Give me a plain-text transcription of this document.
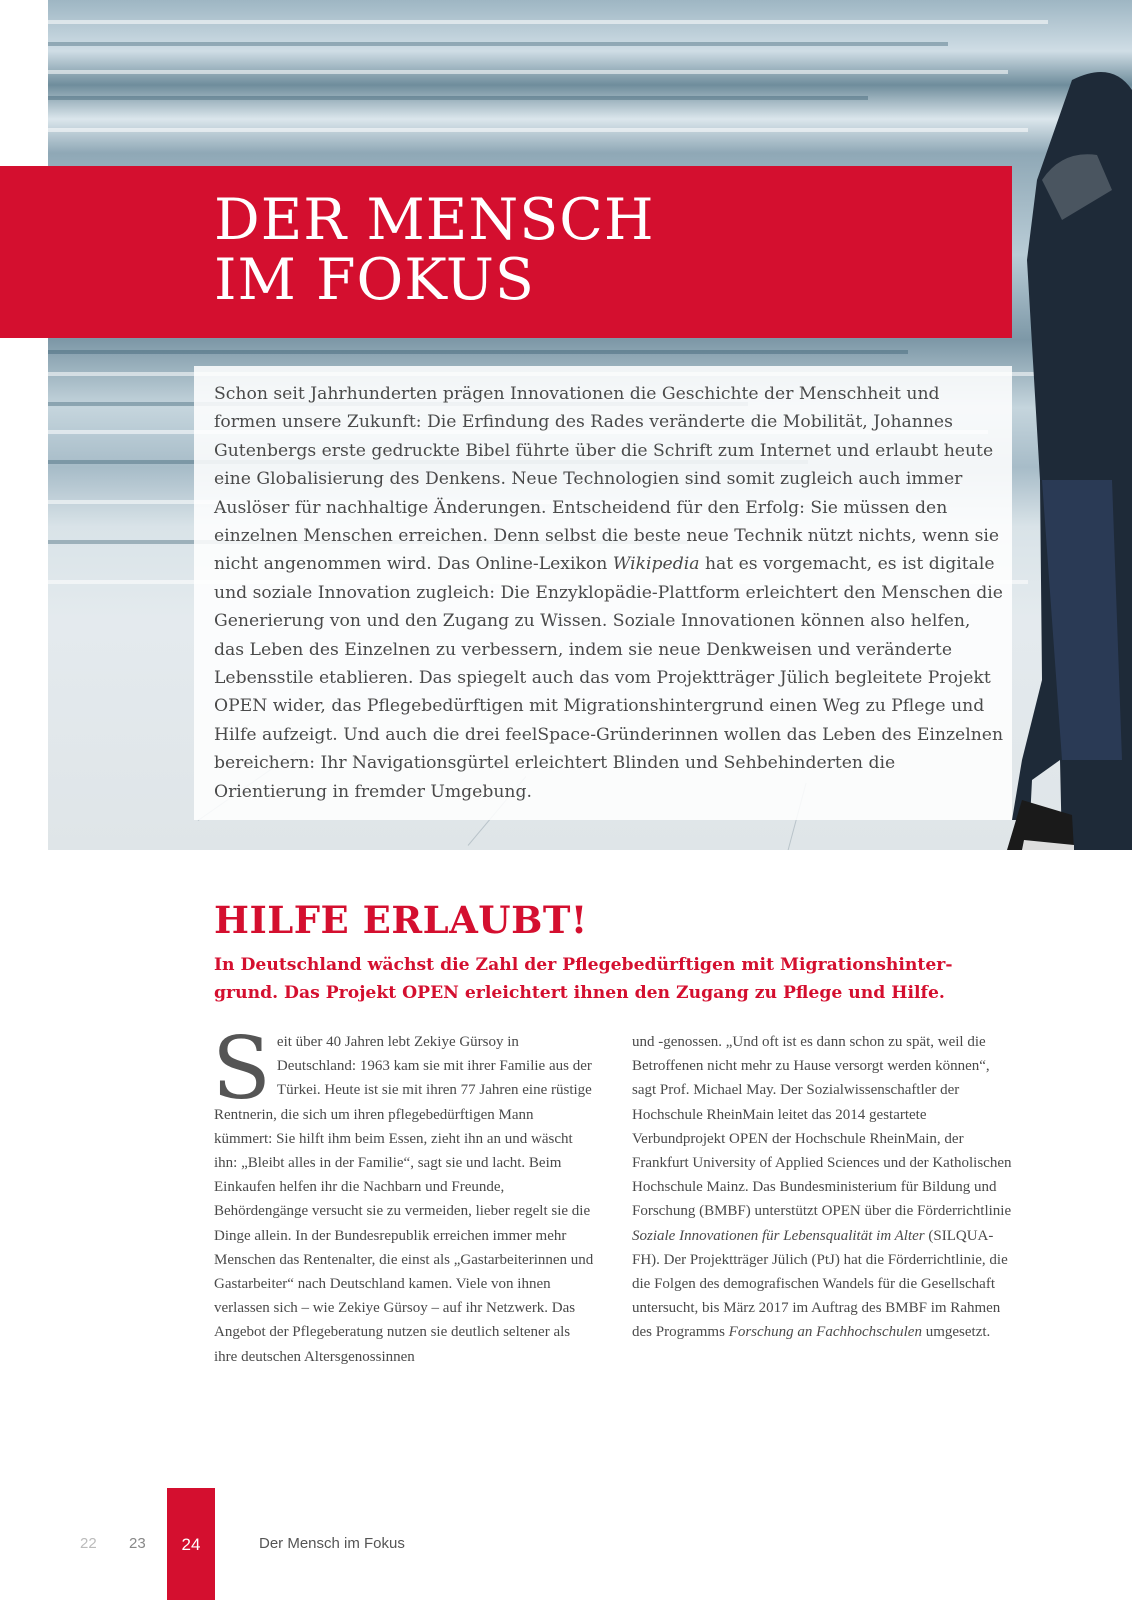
DER MENSCH
IM FOKUS

Schon seit Jahrhunderten prägen Innovationen die Geschichte der Menschheit und formen unsere Zukunft: Die Erfindung des Rades veränderte die Mobilität, Johannes Gutenbergs erste gedruckte Bibel führte über die Schrift zum Internet und erlaubt heute eine Globalisierung des Denkens. Neue Technologien sind somit zugleich auch immer Auslöser für nachhaltige Änderungen. Entscheidend für den Erfolg: Sie müssen den einzelnen Menschen erreichen. Denn selbst die beste neue Technik nützt nichts, wenn sie nicht angenommen wird. Das Online-Lexikon Wikipedia hat es vorgemacht, es ist digitale und soziale Innovation zugleich: Die Enzyklopädie-Plattform erleichtert den Menschen die Generierung von und den Zugang zu Wissen. Soziale Innovationen können also helfen, das Leben des Einzelnen zu verbessern, indem sie neue Denkweisen und veränderte Lebensstile etablieren. Das spiegelt auch das vom Projektträger Jülich begleitete Projekt OPEN wider, das Pflegebedürftigen mit Migrationshintergrund einen Weg zu Pflege und Hilfe aufzeigt. Und auch die drei feelSpace-Gründerinnen wollen das Leben des Einzelnen bereichern: Ihr Navigationsgürtel erleichtert Blinden und Sehbehinderten die Orientierung in fremder Umgebung.

HILFE ERLAUBT!

In Deutschland wächst die Zahl der Pflegebedürftigen mit Migrationshinter-
grund. Das Projekt OPEN erleichtert ihnen den Zugang zu Pflege und Hilfe.

Seit über 40 Jahren lebt Zekiye Gürsoy in Deutschland: 1963 kam sie mit ihrer Familie aus der Türkei. Heute ist sie mit ihren 77 Jahren eine rüstige Rentnerin, die sich um ihren pflegebedürftigen Mann kümmert: Sie hilft ihm beim Essen, zieht ihn an und wäscht ihn: „Bleibt alles in der Familie“, sagt sie und lacht. Beim Einkaufen helfen ihr die Nachbarn und Freunde, Behördengänge versucht sie zu vermeiden, lieber regelt sie die Dinge allein. In der Bundesrepublik erreichen immer mehr Menschen das Rentenalter, die einst als „Gastarbeiterinnen und Gastarbeiter“ nach Deutschland kamen. Viele von ihnen verlassen sich – wie Zekiye Gürsoy – auf ihr Netzwerk. Das Angebot der Pflegeberatung nutzen sie deutlich seltener als ihre deutschen Altersgenossinnen

und -genossen. „Und oft ist es dann schon zu spät, weil die Betroffenen nicht mehr zu Hause versorgt werden können“, sagt Prof. Michael May. Der Sozialwissenschaftler der Hochschule RheinMain leitet das 2014 gestartete Verbundprojekt OPEN der Hochschule RheinMain, der Frankfurt University of Applied Sciences und der Katholischen Hochschule Mainz. Das Bundesministerium für Bildung und Forschung (BMBF) unterstützt OPEN über die Förderrichtlinie Soziale Innovationen für Lebensqualität im Alter (SILQUA-FH). Der Projektträger Jülich (PtJ) hat die Förderrichtlinie, die die Folgen des demografischen Wandels für die Gesellschaft untersucht, bis März 2017 im Auftrag des BMBF im Rahmen des Programms Forschung an Fachhochschulen umgesetzt.

22 23	24	Der Mensch im Fokus
